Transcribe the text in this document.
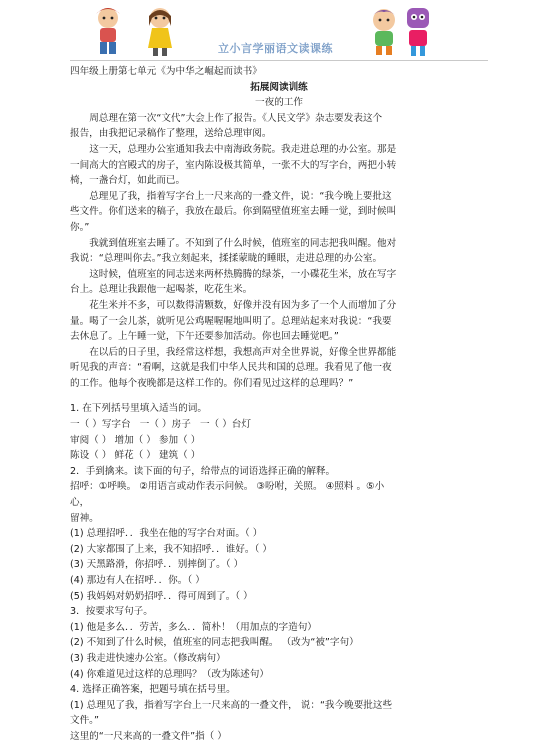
立小言学丽语文读课练

四年级上册第七单元《为中华之崛起而读书》

拓展阅读训练

一夜的工作

周总理在第一次“文代”大会上作了报告。《人民文学》杂志要发表这个

报告，由我把记录稿作了整理，送给总理审阅。

这一天，总理办公室通知我去中南海政务院。我走进总理的办公室。那是

一间高大的宫殿式的房子，室内陈设极其简单，一张不大的写字台，两把小转

椅，一盏台灯，如此而已。

总理见了我，指着写字台上一尺来高的一叠文件，说：“我今晚上要批这

些文件。你们送来的稿子，我放在最后。你到隔壁值班室去睡一觉，到时候叫

你。”

我就到值班室去睡了。不知到了什么时候，值班室的同志把我叫醒。他对

我说：“总理叫你去。”我立刻起来，揉揉蒙眬的睡眼，走进总理的办公室。

这时候，值班室的同志送来两杯热腾腾的绿茶，一小碟花生米，放在写字

台上。总理让我跟他一起喝茶，吃花生米。

花生米并不多，可以数得清颗数，好像并没有因为多了一个人而增加了分

量。喝了一会儿茶，就听见公鸡喔喔喔地叫明了。总理站起来对我说：“我要

去休息了。上午睡一觉，下午还要参加活动。你也回去睡觉吧。”

在以后的日子里，我经常这样想，我想高声对全世界说，好像全世界都能

听见我的声音：“看啊，这就是我们中华人民共和国的总理。我看见了他一夜

的工作。他每个夜晚都是这样工作的。你们看见过这样的总理吗？”

1. 在下列括号里填入适当的词。

一（ ）写字台 一（ ）房子 一（ ）台灯

审阅（ ） 增加（ ） 参加（ ）

陈设（ ） 鲜花（ ） 建筑（ ）

2．手到擒来。读下面的句子，给带点的词语选择正确的解释。

招呼：①呼唤。 ②用语言或动作表示问候。 ③吩咐，关照。 ④照料 。⑤小

心，

留神。

(1) 总理招呼．．我坐在他的写字台对面。（ ）

(2) 大家都围了上来，我不知招呼．．谁好。（ ）

(3) 天黑路滑，你招呼．．别摔倒了。（ ）

(4) 那边有人在招呼．．你。（ ）

(5) 我妈妈对奶奶招呼．．得可周到了。（ ）

3．按要求写句子。

(1) 他是多么．．劳苦，多么．．简朴！（用加点的字造句）

(2) 不知到了什么时候，值班室的同志把我叫醒。 （改为“被”字句）

(3) 我走进快速办公室。（修改病句）

(4) 你难道见过这样的总理吗？（改为陈述句）

4. 选择正确答案，把题号填在括号里。

(1) 总理见了我，指着写字台上一尺来高的一叠文件， 说：“我今晚要批这些

文件。”

这里的“一尺来高的一叠文件”指（ ）
